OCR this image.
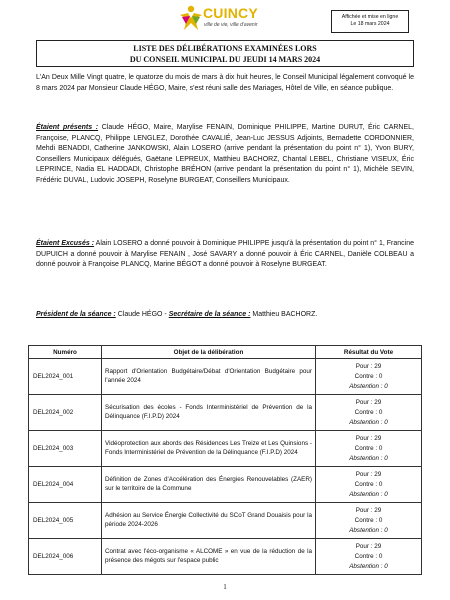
CUINCY
ville de vie, ville d'avenir
Affichée et mise en ligne
Le 18 mars 2024
LISTE DES DÉLIBÉRATIONS EXAMINÉES LORS
DU CONSEIL MUNICIPAL DU JEUDI 14 MARS 2024
L'An Deux Mille Vingt quatre, le quatorze du mois de mars à dix huit heures, le Conseil Municipal légalement convoqué le 8 mars 2024 par Monsieur Claude HÉGO, Maire, s'est réuni salle des Mariages, Hôtel de Ville, en séance publique.
Étaient présents : Claude HÉGO, Maire, Marylise FENAIN, Dominique PHILIPPE, Martine DURUT, Éric CARNEL, Françoise, PLANCQ, Philippe LENGLEZ, Dorothée CAVALIÉ, Jean-Luc JESSUS Adjoints, Bernadette CORDONNIER, Mehdi BENADDI, Catherine JANKOWSKI, Alain LOSERO (arrive pendant la présentation du point n° 1), Yvon BURY, Conseillers Municipaux délégués, Gaëtane LEPREUX, Matthieu BACHORZ, Chantal LEBEL, Christiane VISEUX, Éric LEPRINCE, Nadia EL HADDADI, Christophe BRÉHON (arrive pendant la présentation du point n° 1), Michèle SEVIN, Frédéric DUVAL, Ludovic JOSEPH, Roselyne BURGEAT, Conseillers Municipaux.
Étaient Excusés : Alain LOSERO a donné pouvoir à Dominique PHILIPPE jusqu'à la présentation du point n° 1, Francine DUPUICH a donné pouvoir à Marylise FENAIN , José SAVARY a donné pouvoir à Éric CARNEL, Danièle COLBEAU a donné pouvoir à Françoise PLANCQ, Marine BÉGOT a donné pouvoir à Roselyne BURGEAT.
Président de la séance : Claude HÉGO - Secrétaire de la séance : Matthieu BACHORZ.
Numéro	Objet de la délibération	Résultat du Vote
DEL2024_001	Rapport d'Orientation Budgétaire/Débat d'Orientation Budgétaire pour l'année 2024	Pour : 29
Contre : 0
Abstention : 0

DEL2024_002	Sécurisation des écoles - Fonds Interministériel de Prévention de la Délinquance (F.I.P.D) 2024	Pour : 29
Contre : 0
Abstention : 0

DEL2024_003	Vidéoprotection aux abords des Résidences Les Treize et Les Quinsions - Fonds Interministériel de Prévention de la Délinquance (F.I.P.D) 2024	Pour : 29
Contre : 0
Abstention : 0

DEL2024_004	Définition de Zones d'Accélération des Énergies Renouvelables (ZAER) sur le territoire de la Commune	Pour : 29
Contre : 0
Abstention : 0

DEL2024_005	Adhésion au Service Énergie Collectivité du SCoT Grand Douaisis pour la période 2024-2026	Pour : 29
Contre : 0
Abstention : 0

DEL2024_006	Contrat avec l'éco-organisme « ALCOME » en vue de la réduction de la présence des mégots sur l'espace public	Pour : 29
Contre : 0
Abstention : 0
1
